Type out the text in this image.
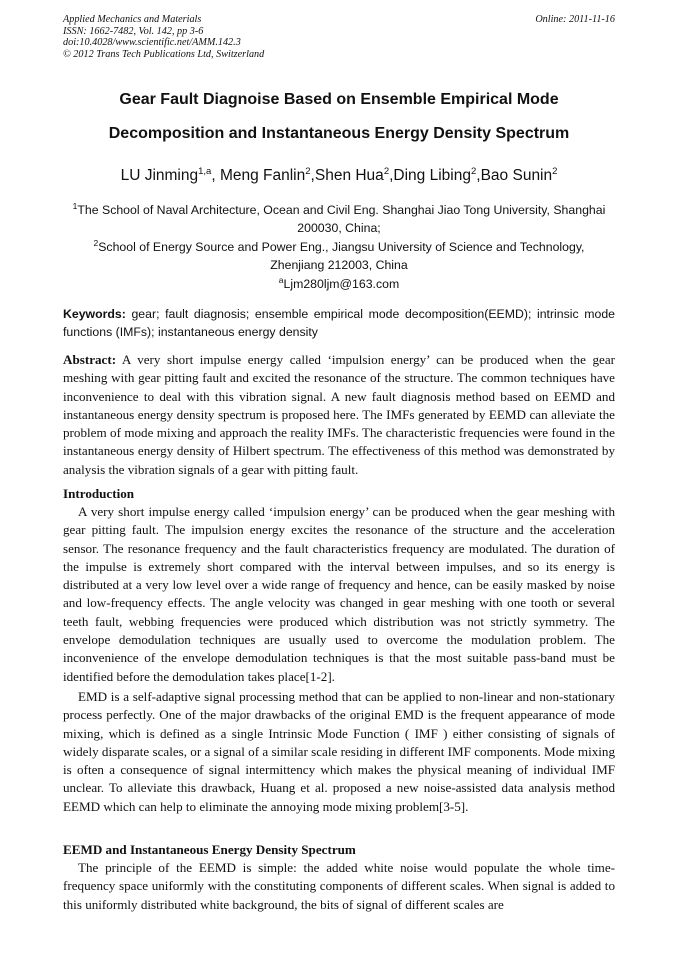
Applied Mechanics and Materials
ISSN: 1662-7482, Vol. 142, pp 3-6
doi:10.4028/www.scientific.net/AMM.142.3
© 2012 Trans Tech Publications Ltd, Switzerland
Online: 2011-11-16
Gear Fault Diagnoise Based on Ensemble Empirical Mode
Decomposition and Instantaneous Energy Density Spectrum
LU Jinming$^{1,a}$, Meng Fanlin$^2$,Shen Hua$^2$,Ding Libing$^2$,Bao Sunin$^2$
$^1$The School of Naval Architecture, Ocean and Civil Eng. Shanghai Jiao Tong University, Shanghai
200030, China;
$^2$School of Energy Source and Power Eng., Jiangsu University of Science and Technology,
Zhenjiang 212003, China
$^a$Ljm280ljm@163.com
Keywords: gear; fault diagnosis; ensemble empirical mode decomposition(EEMD); intrinsic mode functions (IMFs); instantaneous energy density
Abstract: A very short impulse energy called ‘impulsion energy’ can be produced when the gear meshing with gear pitting fault and excited the resonance of the structure. The common techniques have inconvenience to deal with this vibration signal. A new fault diagnosis method based on EEMD and instantaneous energy density spectrum is proposed here. The IMFs generated by EEMD can alleviate the problem of mode mixing and approach the reality IMFs. The characteristic frequencies were found in the instantaneous energy density of Hilbert spectrum. The effectiveness of this method was demonstrated by analysis the vibration signals of a gear with pitting fault.
Introduction
A very short impulse energy called ‘impulsion energy’ can be produced when the gear meshing with gear pitting fault. The impulsion energy excites the resonance of the structure and the acceleration sensor. The resonance frequency and the fault characteristics frequency are modulated. The duration of the impulse is extremely short compared with the interval between impulses, and so its energy is distributed at a very low level over a wide range of frequency and hence, can be easily masked by noise and low-frequency effects. The angle velocity was changed in gear meshing with one tooth or several teeth fault, webbing frequencies were produced which distribution was not strictly symmetry. The envelope demodulation techniques are usually used to overcome the modulation problem. The inconvenience of the envelope demodulation techniques is that the most suitable pass-band must be identified before the demodulation takes place[1-2].
EMD is a self-adaptive signal processing method that can be applied to non-linear and non-stationary process perfectly. One of the major drawbacks of the original EMD is the frequent appearance of mode mixing, which is defined as a single Intrinsic Mode Function ( IMF ) either consisting of signals of widely disparate scales, or a signal of a similar scale residing in different IMF components. Mode mixing is often a consequence of signal intermittency which makes the physical meaning of individual IMF unclear. To alleviate this drawback, Huang et al. proposed a new noise-assisted data analysis method EEMD which can help to eliminate the annoying mode mixing problem[3-5].
EEMD and Instantaneous Energy Density Spectrum
The principle of the EEMD is simple: the added white noise would populate the whole time-frequency space uniformly with the constituting components of different scales. When signal is added to this uniformly distributed white background, the bits of signal of different scales are
